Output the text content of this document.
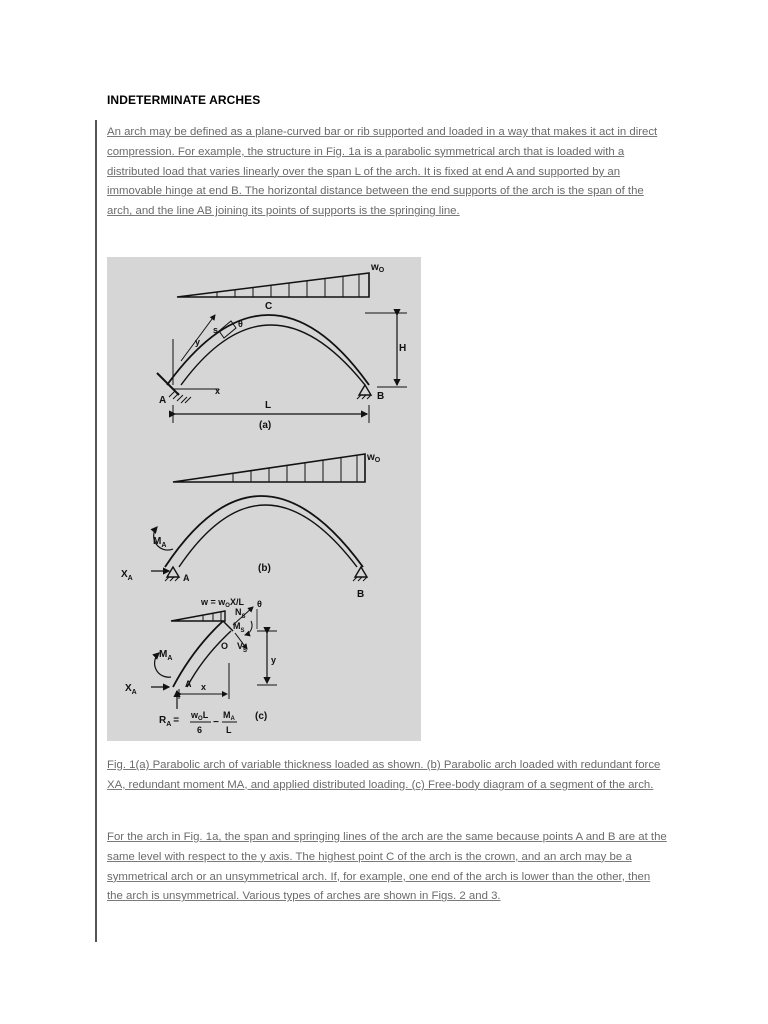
INDETERMINATE ARCHES
An arch may be defined as a plane-curved bar or rib supported and loaded in a way that makes it act in direct compression. For example, the structure in Fig. 1a is a parabolic symmetrical arch that is loaded with a distributed load that varies linearly over the span L of the arch. It is fixed at end A and supported by an immovable hinge at end B. The horizontal distance between the end supports of the arch is the span of the arch, and the line AB joining its points of supports is the springing line.
$w_O$
C
s
y
θ
H
A	B
x
L
(a)
$w_O$
$M_A$
$X_A$	A
B
(b)
$w = w_OX/L$
$N_S$
$M_S$
θ
O $V_S$
y
x
A
$M_A$
$X_A$
(c)
$R_A = w_OL$
6
−
$M_A$
L
Fig. 1(a) Parabolic arch of variable thickness loaded as shown. (b) Parabolic arch loaded with redundant force XA, redundant moment MA, and applied distributed loading. (c) Free-body diagram of a segment of the arch.
For the arch in Fig. 1a, the span and springing lines of the arch are the same because points A and B are at the same level with respect to the y axis. The highest point C of the arch is the crown, and an arch may be a symmetrical arch or an unsymmetrical arch. If, for example, one end of the arch is lower than the other, then the arch is unsymmetrical. Various types of arches are shown in Figs. 2 and 3.
